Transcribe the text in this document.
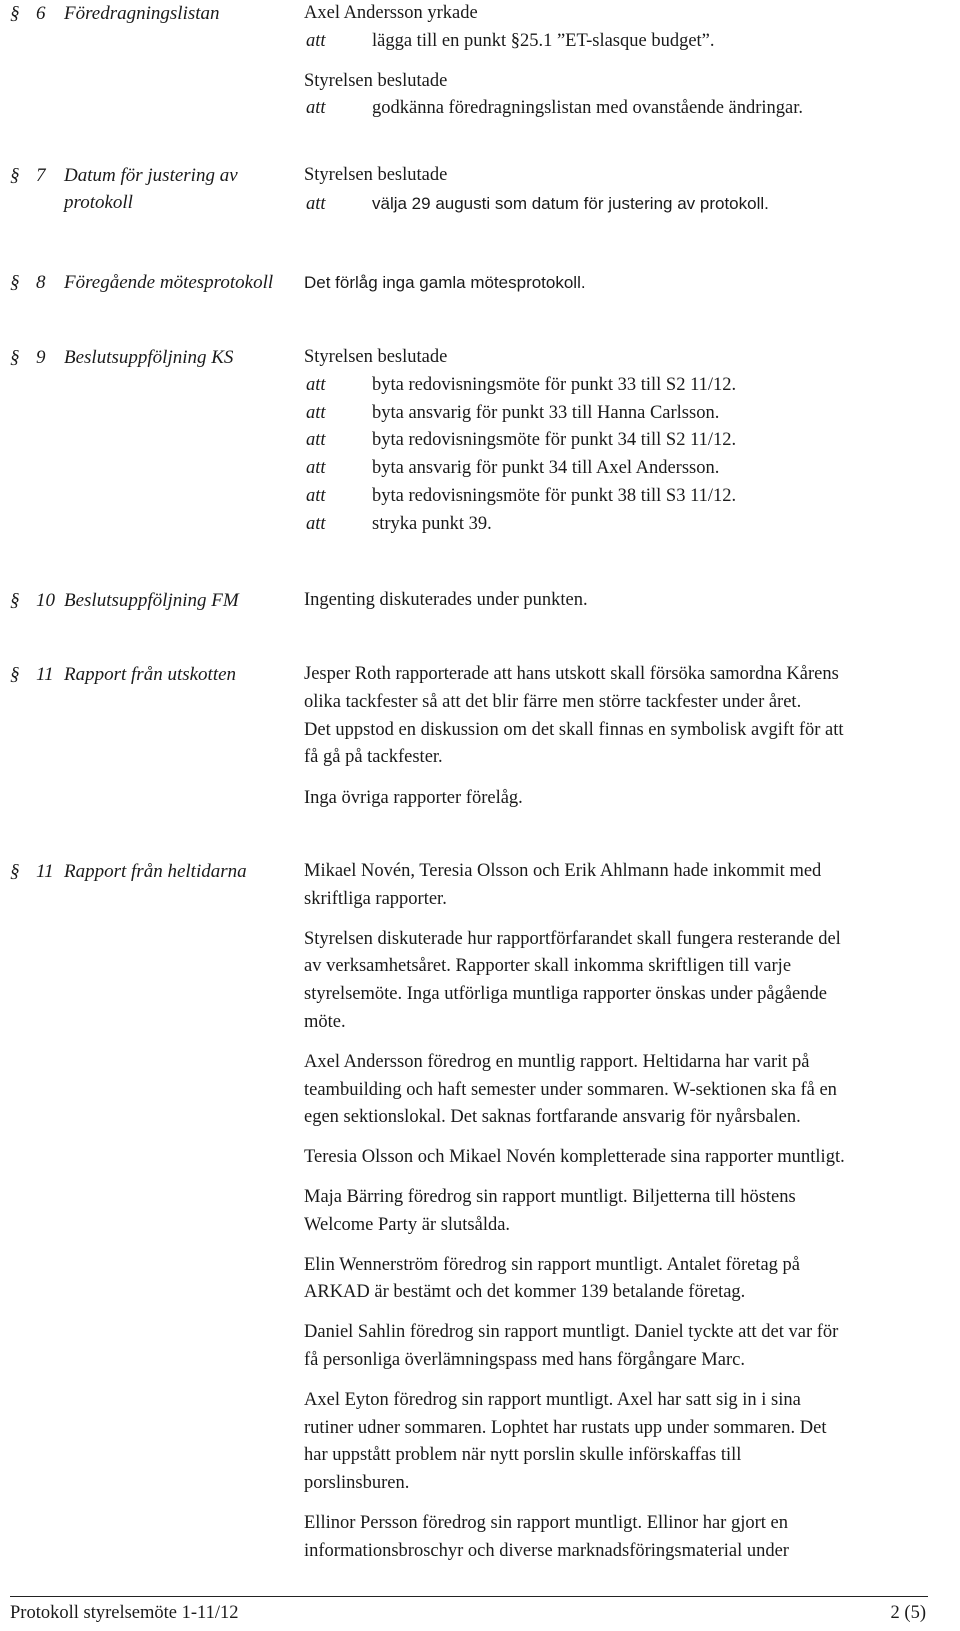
§ 6 Föredragningslistan	Axel Andersson yrkade
att	lägga till en punkt §25.1 ”ET-slasque budget”.
Styrelsen beslutade
att	godkänna föredragningslistan med ovanstående ändringar.
§ 7 Datum för justering av protokoll
Styrelsen beslutade
att	välja 29 augusti som datum för justering av protokoll.
§ 8 Föregående mötesprotokoll	Det förlåg inga gamla mötesprotokoll.
§ 9 Beslutsuppföljning KS	Styrelsen beslutade
att	byta redovisningsmöte för punkt 33 till S2 11/12.
att	byta ansvarig för punkt 33 till Hanna Carlsson.
att	byta redovisningsmöte för punkt 34 till S2 11/12.
att	byta ansvarig för punkt 34 till Axel Andersson.
att	byta redovisningsmöte för punkt 38 till S3 11/12.
att	stryka punkt 39.
§ 10 Beslutsuppföljning FM	Ingenting diskuterades under punkten.
§ 11 Rapport från utskotten	Jesper Roth rapporterade att hans utskott skall försöka samordna Kårens
olika tackfester så att det blir färre men större tackfester under året.
Det uppstod en diskussion om det skall finnas en symbolisk avgift för att
få gå på tackfester.
Inga övriga rapporter förelåg.
§ 11 Rapport från heltidarna	Mikael Novén, Teresia Olsson och Erik Ahlmann hade inkommit med
skriftliga rapporter.
Styrelsen diskuterade hur rapportförfarandet skall fungera resterande del
av verksamhetsåret. Rapporter skall inkomma skriftligen till varje
styrelsemöte. Inga utförliga muntliga rapporter önskas under pågående
möte.
Axel Andersson föredrog en muntlig rapport. Heltidarna har varit på
teambuilding och haft semester under sommaren. W-sektionen ska få en
egen sektionslokal. Det saknas fortfarande ansvarig för nyårsbalen.
Teresia Olsson och Mikael Novén kompletterade sina rapporter muntligt.
Maja Bärring föredrog sin rapport muntligt. Biljetterna till höstens
Welcome Party är slutsålda.
Elin Wennerström föredrog sin rapport muntligt. Antalet företag på
ARKAD är bestämt och det kommer 139 betalande företag.
Daniel Sahlin föredrog sin rapport muntligt. Daniel tyckte att det var för
få personliga överlämningspass med hans förgångare Marc.
Axel Eyton föredrog sin rapport muntligt. Axel har satt sig in i sina
rutiner udner sommaren. Lophtet har rustats upp under sommaren. Det
har uppstått problem när nytt porslin skulle införskaffas till
porslinsburen.
Ellinor Persson föredrog sin rapport muntligt. Ellinor har gjort en
informationsbroschyr och diverse marknadsföringsmaterial under
Protokoll styrelsemöte 1-11/12	2 (5)
